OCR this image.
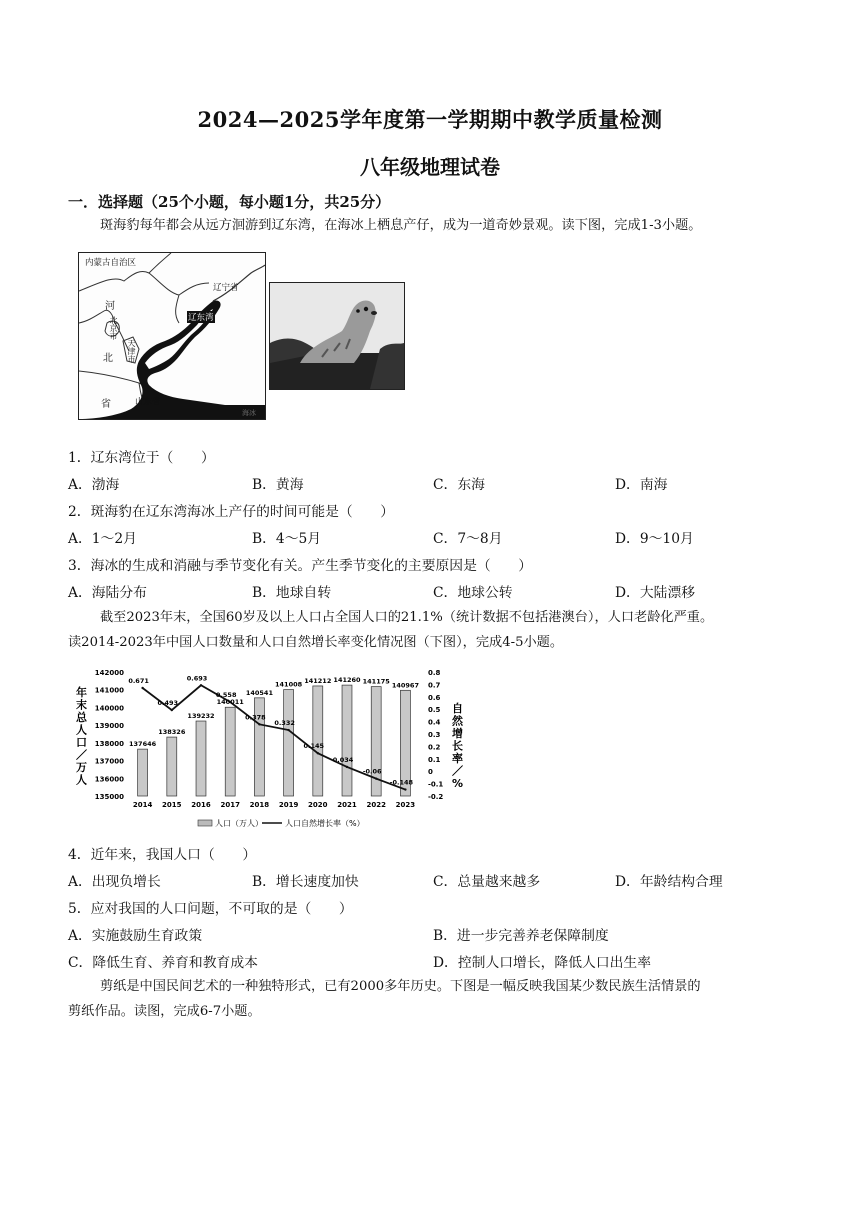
2024—2025学年度第一学期期中教学质量检测
八年级地理试卷
一．选择题（25个小题，每小题1分，共25分）
斑海豹每年都会从远方洄游到辽东湾，在海冰上栖息产仔，成为一道奇妙景观。读下图，完成1-3小题。
内蒙古自治区
辽宁省
辽东湾
河
北
北京市
天津市
省	山东省
海冰
1．辽东湾位于（　　）
A．渤海	B．黄海	C．东海	D．南海
2．斑海豹在辽东湾海冰上产仔的时间可能是（　　）
A．1～2月	B．4～5月	C．7～8月	D．9～10月
3．海冰的生成和消融与季节变化有关。产生季节变化的主要原因是（　　）
A．海陆分布	B．地球自转	C．地球公转	D．大陆漂移
截至2023年末，全国60岁及以上人口占全国人口的21.1%（统计数据不包括港澳台），人口老龄化严重。
读2014-2023年中国人口数量和人口自然增长率变化情况图（下图），完成4-5小题。
142000
141000
140000
139000
138000
137000
136000
135000
0.8
0.7
0.6
0.5
0.4
0.3
0.2
0.1
0
-0.1
-0.2
2014 2015 2016 2017 2018 2019 2020 2021 2022 2023
137646
138326
139232
140011
140541
141008 141212 141260 141175 140967
0.671
0.493
0.693
0.558
0.378
0.332
0.145
0.034
-0.06
-0.148
年末总人口／万人
自然增长率／%
人口（万人）	人口自然增长率（%）
4．近年来，我国人口（　　）
A．出现负增长	B．增长速度加快	C．总量越来越多	D．年龄结构合理
5．应对我国的人口问题，不可取的是（　　）
A．实施鼓励生育政策	B．进一步完善养老保障制度
C．降低生育、养育和教育成本	D．控制人口增长，降低人口出生率
剪纸是中国民间艺术的一种独特形式，已有2000多年历史。下图是一幅反映我国某少数民族生活情景的
剪纸作品。读图，完成6-7小题。
